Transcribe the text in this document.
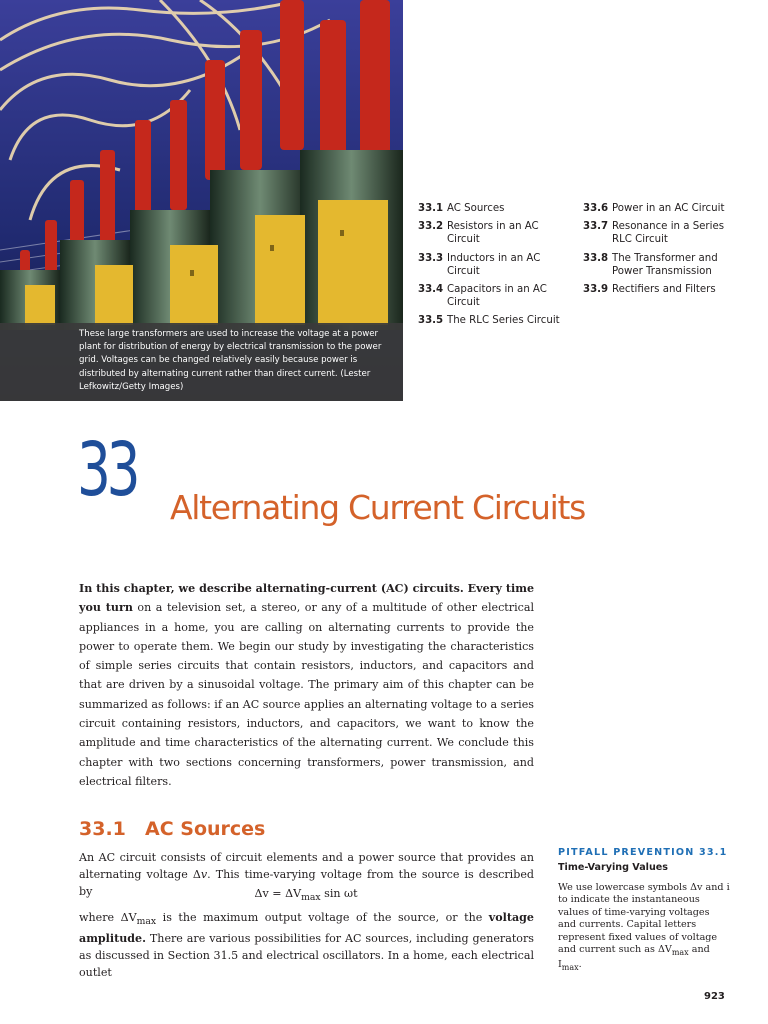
These large transformers are used to increase the voltage at a power plant for distribution of energy by electrical transmission to the power grid. Voltages can be changed relatively easily because power is distributed by alternating current rather than direct current. (Lester Lefkowitz/Getty Images)

33.1 AC Sources
33.2 Resistors in an AC Circuit
33.3 Inductors in an AC Circuit
33.4 Capacitors in an AC Circuit
33.5 The RLC Series Circuit
33.6 Power in an AC Circuit
33.7 Resonance in a Series RLC Circuit
33.8 The Transformer and Power Transmission
33.9 Rectifiers and Filters
33 Alternating Current Circuits

In this chapter, we describe alternating-current (AC) circuits. Every time you turn on a television set, a stereo, or any of a multitude of other electrical appliances in a home, you are calling on alternating currents to provide the power to operate them. We begin our study by investigating the characteristics of simple series circuits that contain resistors, inductors, and capacitors and that are driven by a sinusoidal voltage. The primary aim of this chapter can be summarized as follows: if an AC source applies an alternating voltage to a series circuit containing resistors, inductors, and capacitors, we want to know the amplitude and time characteristics of the alternating current. We conclude this chapter with two sections concerning transformers, power transmission, and electrical filters.

33.1 AC Sources

An AC circuit consists of circuit elements and a power source that provides an alternating voltage Δv. This time-varying voltage from the source is described by	$\Delta v = \Delta V_{max}$ sin ωt

where $\Delta V_{max}$ is the maximum output voltage of the source, or the voltage amplitude. There are various possibilities for AC sources, including generators as discussed in Section 31.5 and electrical oscillators. In a home, each electrical outlet

PITFALL PREVENTION 33.1
Time-Varying Values

We use lowercase symbols Δv and i to indicate the instantaneous values of time-varying voltages and currents. Capital letters represent fixed values of voltage and current such as $\Delta V_{max}$ and $I_{max}$.

923
